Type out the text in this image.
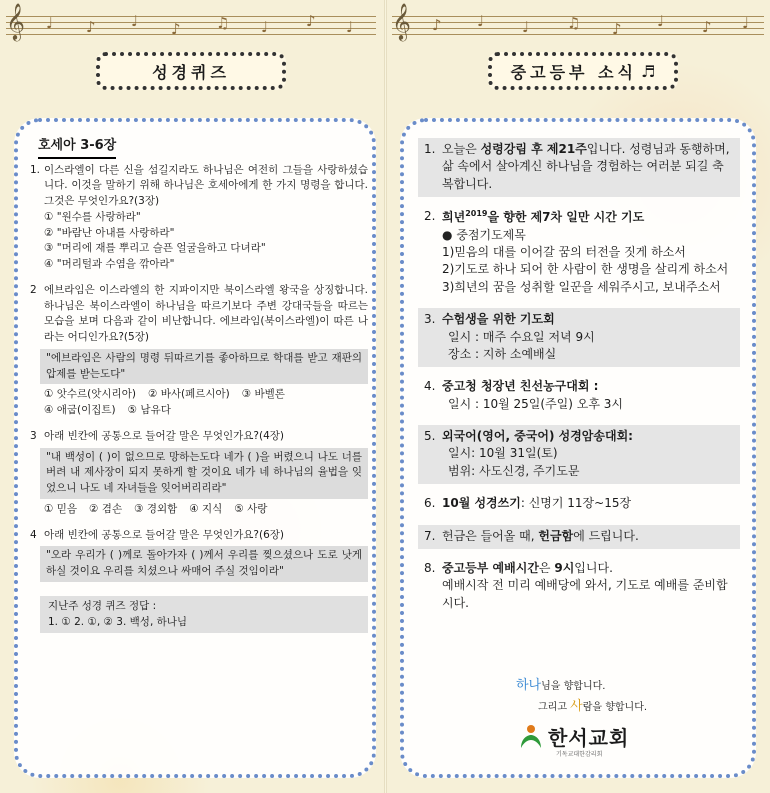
𝄞 ♩ ♪ ♩ ♪ ♫ ♩	♪ ♩ 𝄞 ♪ ♩	♩	♫ ♪ ♩	♪ ♩
성경퀴즈	중고등부 소식 ♬
호세아 3-6장
1. 이스라엘이 다른 신을 섬길지라도 하나님은 여전히 그들을 사랑하셨습니다. 이것을 말하기 위해 하나님은 호세아에게 한 가지 명령을 합니다. 그것은 무엇인가요?(3장)
① "원수를 사랑하라"
② "바람난 아내를 사랑하라"
③ "머리에 재를 뿌리고 슬픈 얼굴을하고 다녀라"
④ "머리털과 수염을 깎아라"
2 에브라임은 이스라엘의 한 지파이지만 북이스라엘 왕국을 상징합니다. 하나님은 북이스라엘이 하나님을 따르기보다 주변 강대국들을 따르는 모습을 보며 다음과 같이 비난합니다. 에브라임(북이스라엘)이 따른 나라는 어디인가요?(5장)
"에브라임은 사람의 명령 뒤따르기를 좋아하므로 학대를 받고 재판의 압제를 받는도다"
① 앗수르(앗시리아) ② 바사(페르시아) ③ 바벨론
④ 애굽(이집트) ⑤ 남유다
3 아래 빈칸에 공통으로 들어갈 말은 무엇인가요?(4장)
"내 백성이 ( )이 없으므로 망하는도다 네가 ( )을 버렸으니 나도 너를 버려 내 제사장이 되지 못하게 할 것이요 네가 네 하나님의 율법을 잊었으니 나도 네 자녀들을 잊어버리리라"
① 믿음 ② 겸손 ③ 경외함 ④ 지식 ⑤ 사랑
4 아래 빈칸에 공통으로 들어갈 말은 무엇인가요?(6장)
"오라 우리가 ( )께로 돌아가자 ( )께서 우리를 찢으셨으나 도로 낫게 하실 것이요 우리를 치셨으나 싸매어 주실 것임이라"
지난주 성경 퀴즈 정답 :
1. ① 2. ①, ② 3. 백성, 하나님
1. 오늘은 성령강림 후 제21주입니다. 성령님과 동행하며, 삶 속에서 살아계신 하나님을 경험하는 여러분 되길 축복합니다.
2. 희년$^{2019}$을 향한 제7차 일만 시간 기도
● 중점기도제목
1)믿음의 대를 이어갈 꿈의 터전을 짓게 하소서
2)기도로 하나 되어 한 사람이 한 생명을 살리게 하소서
3)희년의 꿈을 성취할 일꾼을 세워주시고, 보내주소서
3. 수험생을 위한 기도회
일시 : 매주 수요일 저녁 9시
장소 : 지하 소예배실
4. 중고청 청장년 친선농구대회 :
일시 : 10월 25일(주일) 오후 3시
5. 외국어(영어, 중국어) 성경암송대회:
일시: 10월 31일(토)
범위: 사도신경, 주기도문
6. 10월 성경쓰기: 신명기 11장~15장
7. 헌금은 들어올 때, 헌금함에 드립니다.
8. 중고등부 예배시간은 9시입니다.
예배시작 전 미리 예배당에 와서, 기도로 예배를 준비합시다.
하나님을 향합니다.
그리고 사람을 향합니다.
한서교회
기독교대한감리회
